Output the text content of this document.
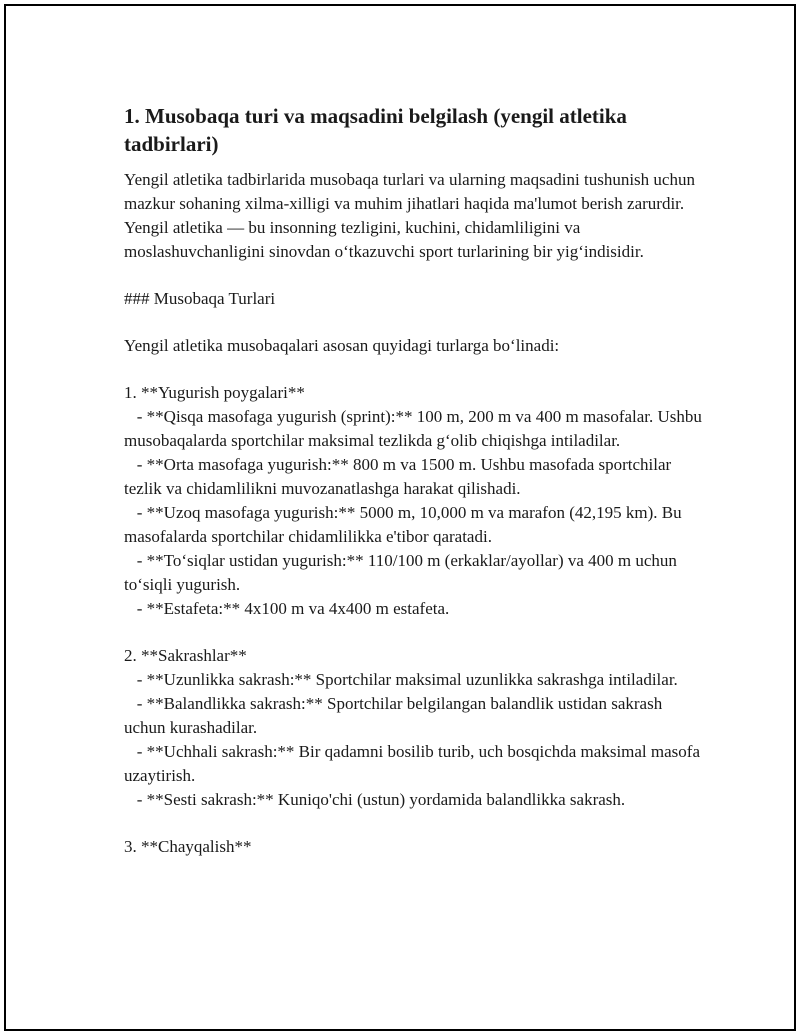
1. Musobaqa turi va maqsadini belgilash (yengil atletika tadbirlari)

Yengil atletika tadbirlarida musobaqa turlari va ularning maqsadini tushunish uchun mazkur sohaning xilma-xilligi va muhim jihatlari haqida ma'lumot berish zarurdir. Yengil atletika — bu insonning tezligini, kuchini, chidamliligini va moslashuvchanligini sinovdan o‘tkazuvchi sport turlarining bir yig‘indisidir.

### Musobaqa Turlari

Yengil atletika musobaqalari asosan quyidagi turlarga bo‘linadi:

1. **Yugurish poygalari**

- **Qisqa masofaga yugurish (sprint):** 100 m, 200 m va 400 m masofalar. Ushbu musobaqalarda sportchilar maksimal tezlikda g‘olib chiqishga intiladilar.

- **Orta masofaga yugurish:** 800 m va 1500 m. Ushbu masofada sportchilar tezlik va chidamlilikni muvozanatlashga harakat qilishadi.

- **Uzoq masofaga yugurish:** 5000 m, 10,000 m va marafon (42,195 km). Bu masofalarda sportchilar chidamlilikka e'tibor qaratadi.

- **To‘siqlar ustidan yugurish:** 110/100 m (erkaklar/ayollar) va 400 m uchun to‘siqli yugurish.

- **Estafeta:** 4x100 m va 4x400 m estafeta.

2. **Sakrashlar**

- **Uzunlikka sakrash:** Sportchilar maksimal uzunlikka sakrashga intiladilar.

- **Balandlikka sakrash:** Sportchilar belgilangan balandlik ustidan sakrash uchun kurashadilar.

- **Uchhali sakrash:** Bir qadamni bosilib turib, uch bosqichda maksimal masofa uzaytirish.

- **Sesti sakrash:** Kuniqo'chi (ustun) yordamida balandlikka sakrash.

3. **Chayqalish**
